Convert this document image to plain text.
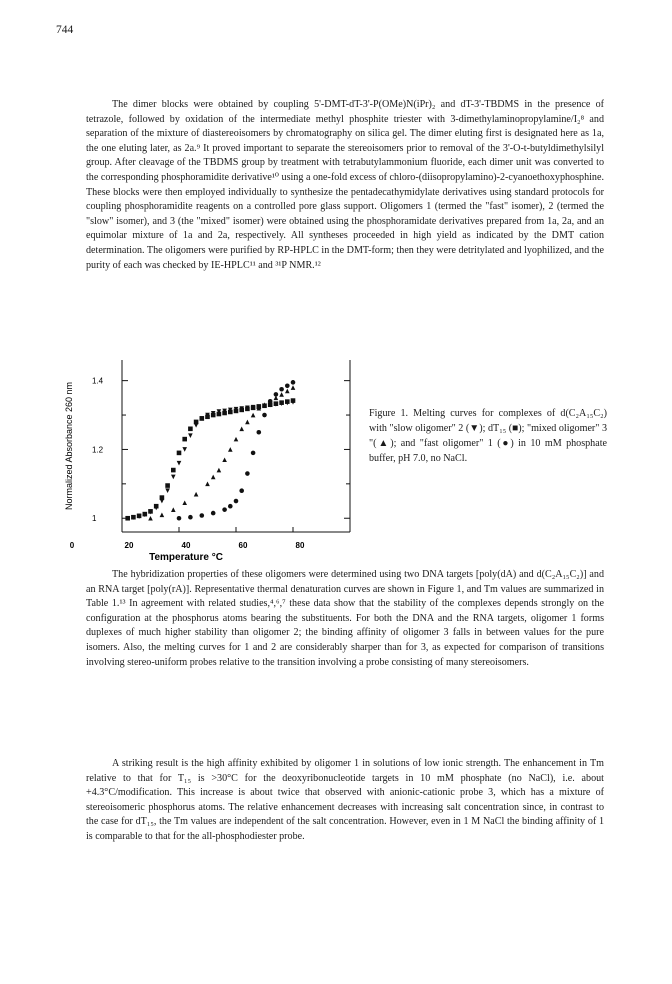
744

The dimer blocks were obtained by coupling 5'-DMT-dT-3'-P(OMe)N(iPr)₂ and dT-3'-TBDMS in the presence of tetrazole, followed by oxidation of the intermediate methyl phosphite triester with 3-dimethylaminopropylamine/I₂⁸ and separation of the mixture of diastereoisomers by chromatography on silica gel. The dimer eluting first is designated here as 1a, the one eluting later, as 2a.⁹ It proved important to separate the stereoisomers prior to removal of the 3'-O-t-butyldimethylsilyl group. After cleavage of the TBDMS group by treatment with tetrabutylammonium fluoride, each dimer unit was converted to the corresponding phosphoramidite derivative¹⁰ using a one-fold excess of chloro-(diisopropylamino)-2-cyanoethoxyphosphine. These blocks were then employed individually to synthesize the pentadecathymidylate derivatives using standard protocols for coupling phosphoramidite reagents on a controlled pore glass support. Oligomers 1 (termed the "fast" isomer), 2 (termed the "slow" isomer), and 3 (the "mixed" isomer) were obtained using the phosphoramidate derivatives prepared from 1a, 2a, and an equimolar mixture of 1a and 2a, respectively. All syntheses proceeded in high yield as indicated by the DMT cation determination. The oligomers were purified by RP-HPLC in the DMT-form; then they were detritylated and lyophilized, and the purity of each was checked by IE-HPLC¹¹ and ³¹P NMR.¹²

1
1.2
1.4
0	20	40	60	80
Normalized Absorbance 260 nm
Temperature °C
Figure 1. Melting curves for complexes of d(C₂A₁₅C₂) with "slow oligomer" 2 (▼); dT₁₅ (■); "mixed oligomer" 3 "(▲); and "fast oligomer" 1 (●) in 10 mM phosphate buffer, pH 7.0, no NaCl.

The hybridization properties of these oligomers were determined using two DNA targets [poly(dA) and d(C₂A₁₅C₂)] and an RNA target [poly(rA)]. Representative thermal denaturation curves are shown in Figure 1, and Tm values are summarized in Table 1.¹³ In agreement with related studies,⁴,⁶,⁷ these data show that the stability of the complexes depends strongly on the configuration at the phosphorus atoms bearing the substituents. For both the DNA and the RNA targets, oligomer 1 forms duplexes of much higher stability than oligomer 2; the binding affinity of oligomer 3 falls in between values for the pure isomers. Also, the melting curves for 1 and 2 are considerably sharper than for 3, as expected for comparison of transitions involving stereo-uniform probes relative to the transition involving a probe consisting of many stereoisomers.

A striking result is the high affinity exhibited by oligomer 1 in solutions of low ionic strength. The enhancement in Tm relative to that for T₁₅ is >30°C for the deoxyribonucleotide targets in 10 mM phosphate (no NaCl), i.e. about +4.3°C/modification. This increase is about twice that observed with anionic-cationic probe 3, which has a mixture of stereoisomeric phosphorus atoms. The relative enhancement decreases with increasing salt concentration since, in contrast to the case for dT₁₅, the Tm values are independent of the salt concentration. However, even in 1 M NaCl the binding affinity of 1 is comparable to that for the all-phosphodiester probe.
